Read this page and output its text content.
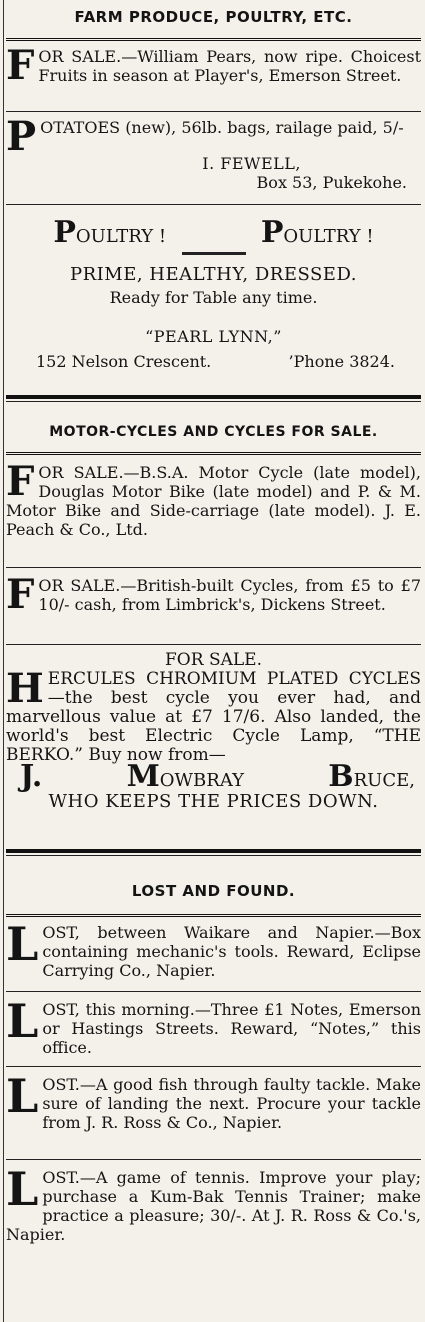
FARM PRODUCE, POULTRY, ETC.
F OR SALE.—William Pears, now ripe. Choicest Fruits in season at Player's, Emerson Street.
P OTATOES (new), 56lb. bags, railage paid, 5/-
I. FEWELL,
Box 53, Pukekohe.
POULTRY !	POULTRY !
PRIME, HEALTHY, DRESSED.
Ready for Table any time.
“PEARL LYNN,”
152 Nelson Crescent.	’Phone 3824.
MOTOR-CYCLES AND CYCLES FOR SALE.
F OR SALE.—B.S.A. Motor Cycle (late model), Douglas Motor Bike (late model) and P. & M. Motor Bike and Side-carriage (late model). J. E. Peach & Co., Ltd.
F OR SALE.—British-built Cycles, from £5 to £7 10/- cash, from Limbrick's, Dickens Street.
FOR SALE.
H ERCULES CHROMIUM PLATED CYCLES—the best cycle you ever had, and marvellous value at £7 17/6. Also landed, the world's best Electric Cycle Lamp, “THE BERKO.” Buy now from—
J.	MOWBRAY	BRUCE,
WHO KEEPS THE PRICES DOWN.
LOST AND FOUND.
L OST, between Waikare and Napier.—Box containing mechanic's tools. Reward, Eclipse Carrying Co., Napier.
L OST, this morning.—Three £1 Notes, Emerson or Hastings Streets. Reward, “Notes,” this office.
L OST.—A good fish through faulty tackle. Make sure of landing the next. Procure your tackle from J. R. Ross & Co., Napier.
L OST.—A game of tennis. Improve your play; purchase a Kum-Bak Tennis Trainer; make practice a pleasure; 30/-. At J. R. Ross & Co.'s, Napier.
